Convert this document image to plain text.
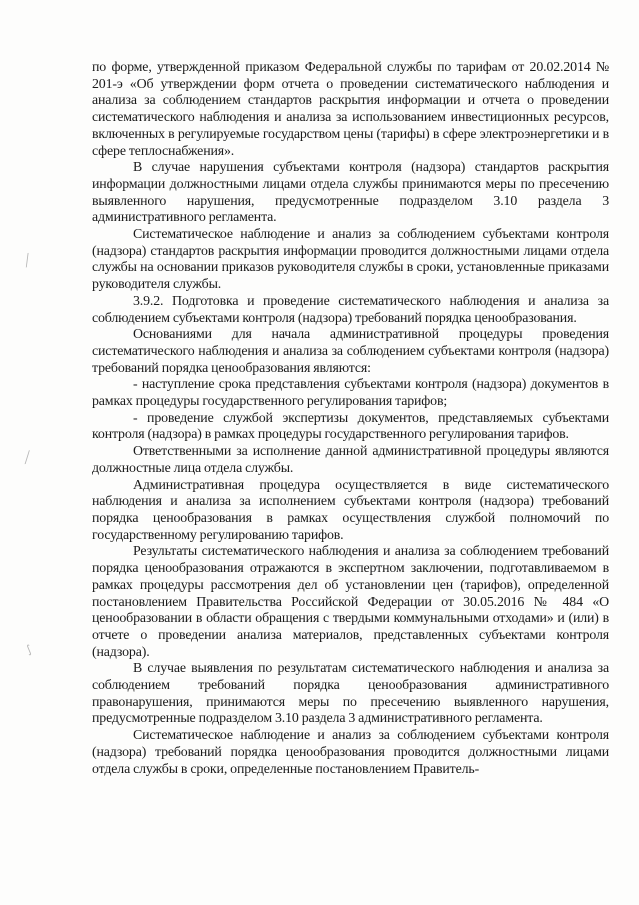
╱
╱
∫

по форме, утвержденной приказом Федеральной службы по тарифам от 20.02.2014 № 201-э «Об утверждении форм отчета о проведении систематического наблюдения и анализа за соблюдением стандартов раскрытия информации и отчета о проведении систематического наблюдения и анализа за использованием инвестиционных ресурсов, включенных в регулируемые государством цены (тарифы) в сфере электроэнергетики и в сфере теплоснабжения».

В случае нарушения субъектами контроля (надзора) стандартов раскрытия информации должностными лицами отдела службы принимаются меры по пресечению выявленного нарушения, предусмотренные подразделом 3.10 раздела 3 административного регламента.

Систематическое наблюдение и анализ за соблюдением субъектами контроля (надзора) стандартов раскрытия информации проводится должностными лицами отдела службы на основании приказов руководителя службы в сроки, установленные приказами руководителя службы.

3.9.2. Подготовка и проведение систематического наблюдения и анализа за соблюдением субъектами контроля (надзора) требований порядка ценообразования.

Основаниями для начала административной процедуры проведения систематического наблюдения и анализа за соблюдением субъектами контроля (надзора) требований порядка ценообразования являются:

- наступление срока представления субъектами контроля (надзора) документов в рамках процедуры государственного регулирования тарифов;

- проведение службой экспертизы документов, представляемых субъектами контроля (надзора) в рамках процедуры государственного регулирования тарифов.

Ответственными за исполнение данной административной процедуры являются должностные лица отдела службы.

Административная процедура осуществляется в виде систематического наблюдения и анализа за исполнением субъектами контроля (надзора) требований порядка ценообразования в рамках осуществления службой полномочий по государственному регулированию тарифов.

Результаты систематического наблюдения и анализа за соблюдением требований порядка ценообразования отражаются в экспертном заключении, подготавливаемом в рамках процедуры рассмотрения дел об установлении цен (тарифов), определенной постановлением Правительства Российской Федерации от 30.05.2016 № 484 «О ценообразовании в области обращения с твердыми коммунальными отходами» и (или) в отчете о проведении анализа материалов, представленных субъектами контроля (надзора).

В случае выявления по результатам систематического наблюдения и анализа за соблюдением требований порядка ценообразования административного правонарушения, принимаются меры по пресечению выявленного нарушения, предусмотренные подразделом 3.10 раздела 3 административного регламента.

Систематическое наблюдение и анализ за соблюдением субъектами контроля (надзора) требований порядка ценообразования проводится должностными лицами отдела службы в сроки, определенные постановлением Правитель-
